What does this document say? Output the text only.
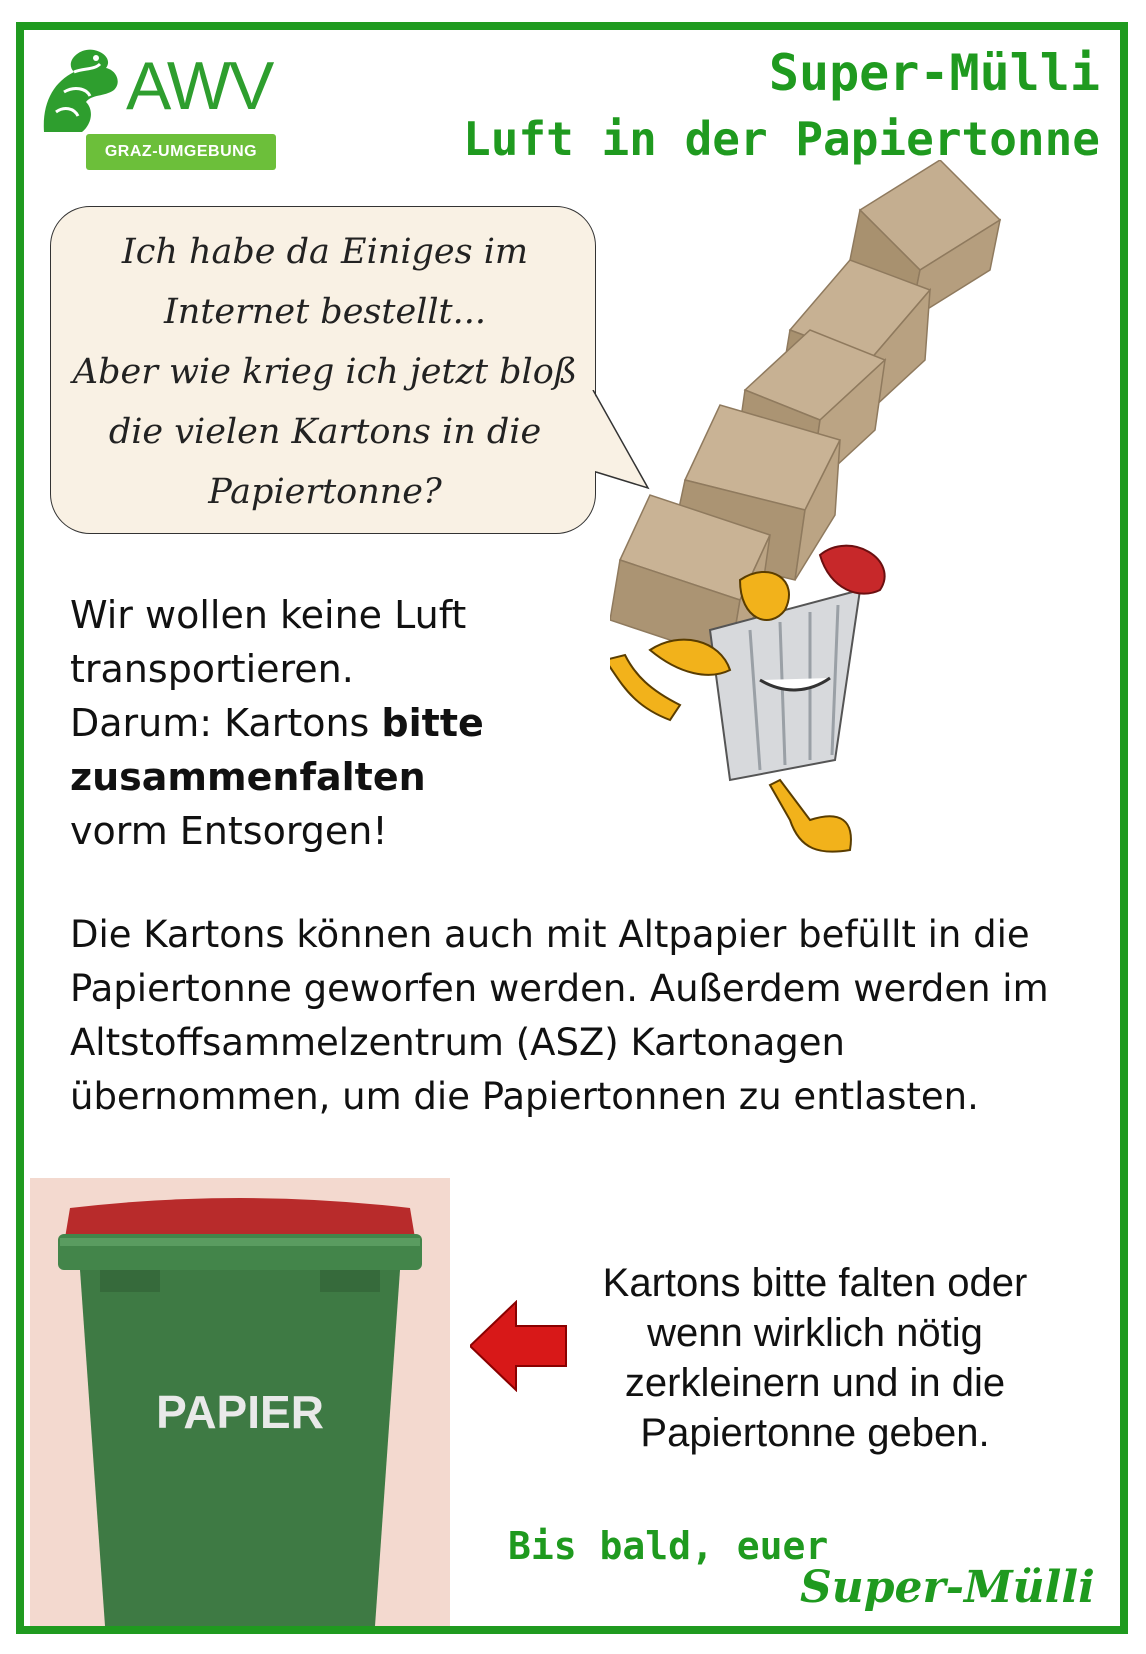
AWV
GRAZ-UMGEBUNG
Super-Mülli
Luft in der Papiertonne
Ich habe da Einiges im
Internet bestellt...
Aber wie krieg ich jetzt bloß
die vielen Kartons in die
Papiertonne?
Wir wollen keine Luft
transportieren.
Darum: Kartons bitte
zusammenfalten
vorm Entsorgen!
Die Kartons können auch mit Altpapier befüllt in die
Papiertonne geworfen werden. Außerdem werden im
Altstoffsammelzentrum (ASZ) Kartonagen
übernommen, um die Papiertonnen zu entlasten.
PAPIER
Kartons bitte falten oder
wenn wirklich nötig
zerkleinern und in die
Papiertonne geben.
Bis bald, euer
Super-Mülli
